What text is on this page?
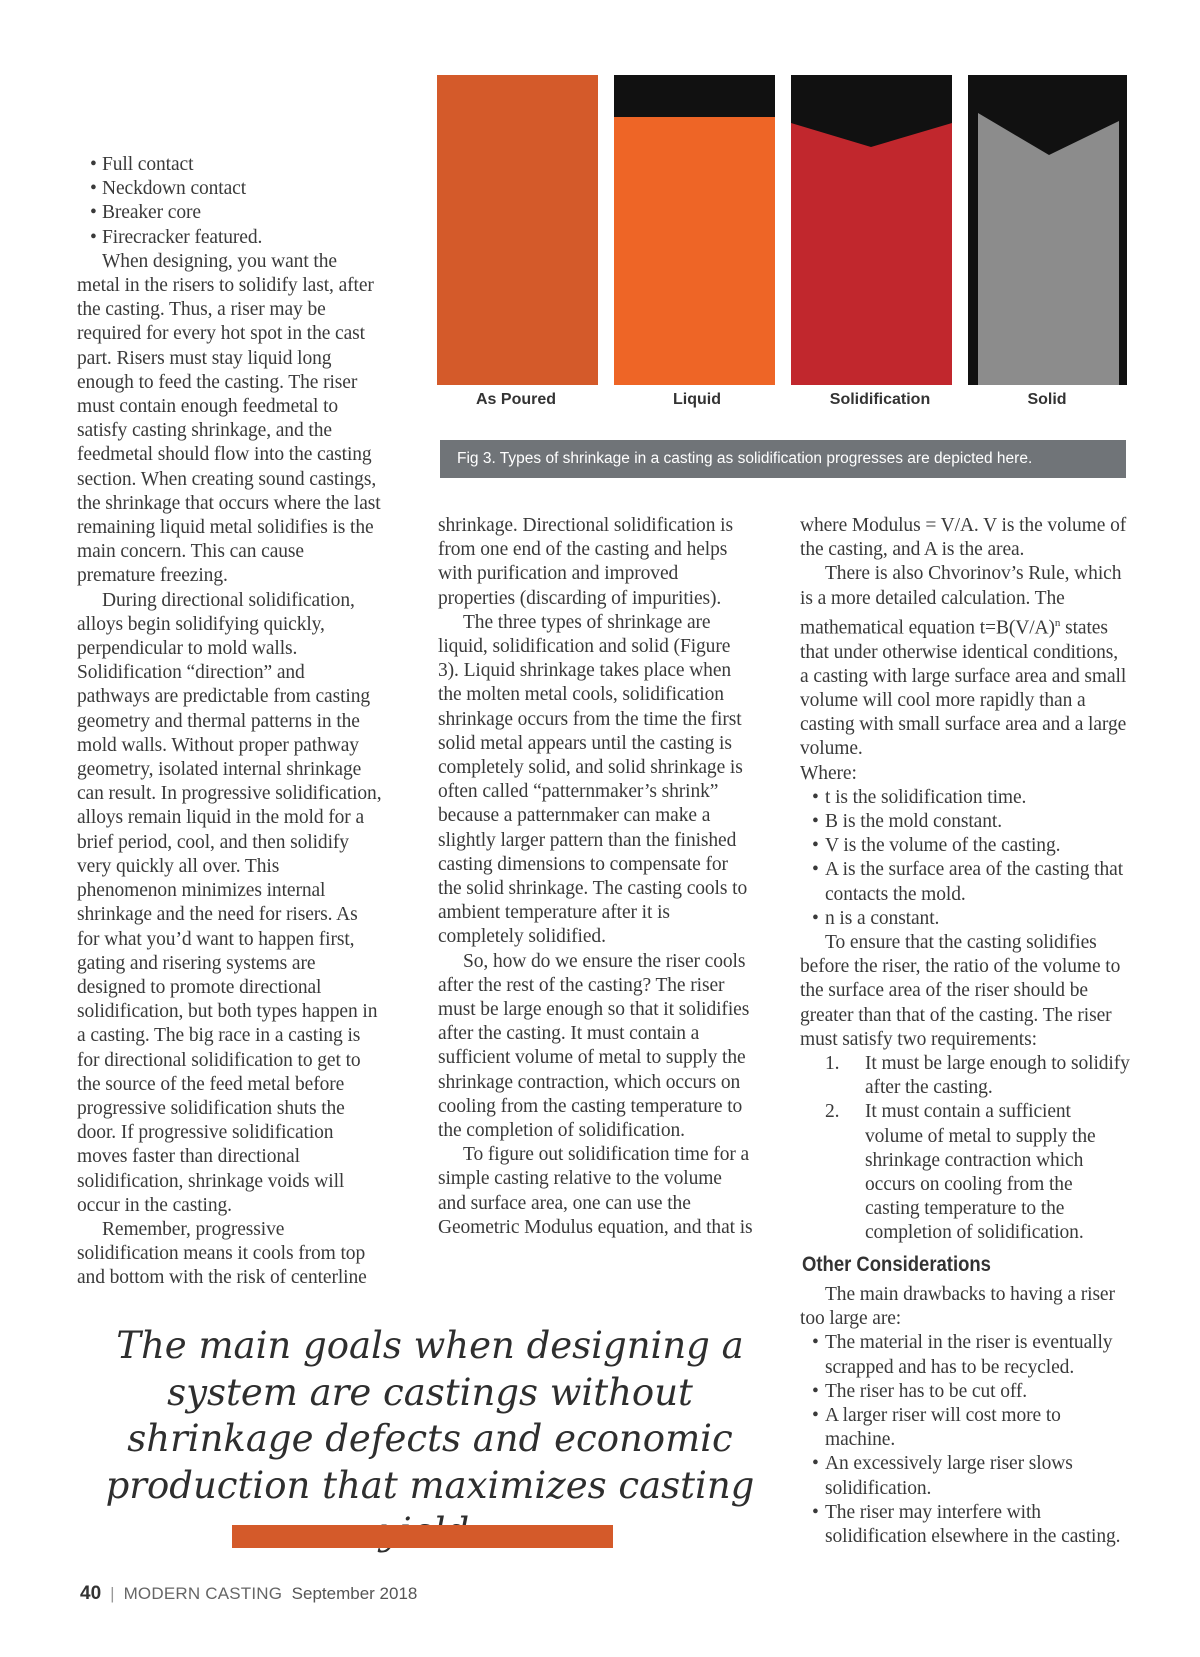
As Poured	Liquid	Solidification	Solid
Fig 3. Types of shrinkage in a casting as solidification progresses are depicted here.
• Full contact
• Neckdown contact
• Breaker core
• Firecracker featured.

When designing, you want the metal in the risers to solidify last, after the casting. Thus, a riser may be required for every hot spot in the cast part. Risers must stay liquid long enough to feed the casting. The riser must contain enough feedmetal to satisfy casting shrinkage, and the feedmetal should flow into the casting section. When creating sound castings, the shrinkage that occurs where the last remaining liquid metal solidifies is the main concern. This can cause premature freezing.

During directional solidification, alloys begin solidifying quickly, perpendicular to mold walls. Solidification “direction” and pathways are predictable from casting geometry and thermal patterns in the mold walls. Without proper pathway geometry, isolated internal shrinkage can result. In progressive solidification, alloys remain liquid in the mold for a brief period, cool, and then solidify very quickly all over. This phenomenon minimizes internal shrinkage and the need for risers. As for what you’d want to happen first, gating and risering systems are designed to promote directional solidification, but both types happen in a casting. The big race in a casting is for directional solidification to get to the source of the feed metal before progressive solidification shuts the door. If progressive solidification moves faster than directional solidification, shrinkage voids will occur in the casting.

Remember, progressive solidification means it cools from top and bottom with the risk of centerline

shrinkage. Directional solidification is from one end of the casting and helps with purification and improved properties (discarding of impurities).

The three types of shrinkage are liquid, solidification and solid (Figure 3). Liquid shrinkage takes place when the molten metal cools, solidification shrinkage occurs from the time the first solid metal appears until the casting is completely solid, and solid shrinkage is often called “patternmaker’s shrink” because a patternmaker can make a slightly larger pattern than the finished casting dimensions to compensate for the solid shrinkage. The casting cools to ambient temperature after it is completely solidified.

So, how do we ensure the riser cools after the rest of the casting? The riser must be large enough so that it solidifies after the casting. It must contain a sufficient volume of metal to supply the shrinkage contraction, which occurs on cooling from the casting temperature to the completion of solidification.

To figure out solidification time for a simple casting relative to the volume and surface area, one can use the Geometric Modulus equation, and that is

where Modulus = V/A. V is the volume of the casting, and A is the area.

There is also Chvorinov’s Rule, which is a more detailed calculation. The mathematical equation $t=B(V/A)^n$ states that under otherwise identical conditions, a casting with large surface area and small volume will cool more rapidly than a casting with small surface area and a large volume.

Where:

• t is the solidification time.
• B is the mold constant.
• V is the volume of the casting.
• A is the surface area of the casting that contacts the mold.
• n is a constant.

To ensure that the casting solidifies before the riser, the ratio of the volume to the surface area of the riser should be greater than that of the casting. The riser must satisfy two requirements:

1. It must be large enough to solidify after the casting.
2. It must contain a sufficient volume of metal to supply the shrinkage contraction which occurs on cooling from the casting temperature to the completion of solidification.
Other Considerations

The main drawbacks to having a riser too large are:

• The material in the riser is eventually scrapped and has to be recycled.
• The riser has to be cut off.
• A larger riser will cost more to machine.
• An excessively large riser slows solidification.
• The riser may interfere with solidification elsewhere in the casting.
The main goals when designing a system are castings without shrinkage defects and economic production that maximizes casting
40 | MODERN CASTING September 2018
